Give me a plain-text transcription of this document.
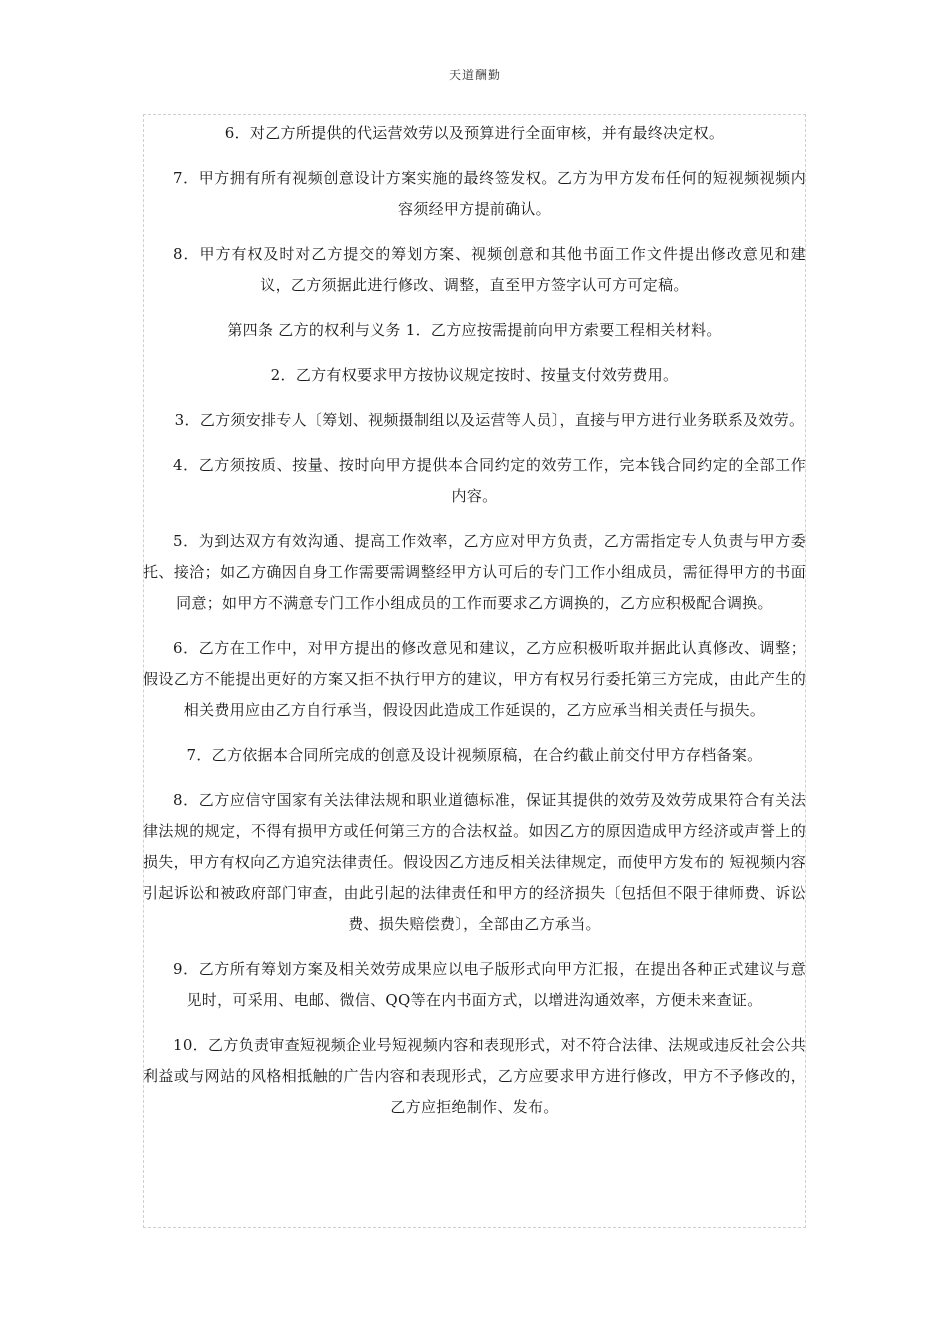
天道酬勤

6．对乙方所提供的代运营效劳以及预算进行全面审核，并有最终决定权。

7．甲方拥有所有视频创意设计方案实施的最终签发权。乙方为甲方发布任何的短视频视频内容须经甲方提前确认。

8．甲方有权及时对乙方提交的筹划方案、视频创意和其他书面工作文件提出修改意见和建议，乙方须据此进行修改、调整，直至甲方签字认可方可定稿。

第四条 乙方的权利与义务 1．乙方应按需提前向甲方索要工程相关材料。

2．乙方有权要求甲方按协议规定按时、按量支付效劳费用。

3．乙方须安排专人〔筹划、视频摄制组以及运营等人员〕，直接与甲方进行业务联系及效劳。

4．乙方须按质、按量、按时向甲方提供本合同约定的效劳工作，完本钱合同约定的全部工作内容。

5．为到达双方有效沟通、提高工作效率，乙方应对甲方负责，乙方需指定专人负责与甲方委托、接洽；如乙方确因自身工作需要需调整经甲方认可后的专门工作小组成员，需征得甲方的书面同意；如甲方不满意专门工作小组成员的工作而要求乙方调换的，乙方应积极配合调换。

6．乙方在工作中，对甲方提出的修改意见和建议，乙方应积极听取并据此认真修改、调整；假设乙方不能提出更好的方案又拒不执行甲方的建议，甲方有权另行委托第三方完成，由此产生的相关费用应由乙方自行承当，假设因此造成工作延误的，乙方应承当相关责任与损失。

7．乙方依据本合同所完成的创意及设计视频原稿，在合约截止前交付甲方存档备案。

8．乙方应信守国家有关法律法规和职业道德标准，保证其提供的效劳及效劳成果符合有关法律法规的规定，不得有损甲方或任何第三方的合法权益。如因乙方的原因造成甲方经济或声誉上的损失，甲方有权向乙方追究法律责任。假设因乙方违反相关法律规定，而使甲方发布的 短视频内容引起诉讼和被政府部门审查，由此引起的法律责任和甲方的经济损失〔包括但不限于律师费、诉讼费、损失赔偿费〕，全部由乙方承当。

9．乙方所有筹划方案及相关效劳成果应以电子版形式向甲方汇报，在提出各种正式建议与意见时，可采用、电邮、微信、QQ等在内书面方式，以增进沟通效率，方便未来查证。

10．乙方负责审查短视频企业号短视频内容和表现形式，对不符合法律、法规或违反社会公共利益或与网站的风格相抵触的广告内容和表现形式，乙方应要求甲方进行修改，甲方不予修改的，乙方应拒绝制作、发布。
